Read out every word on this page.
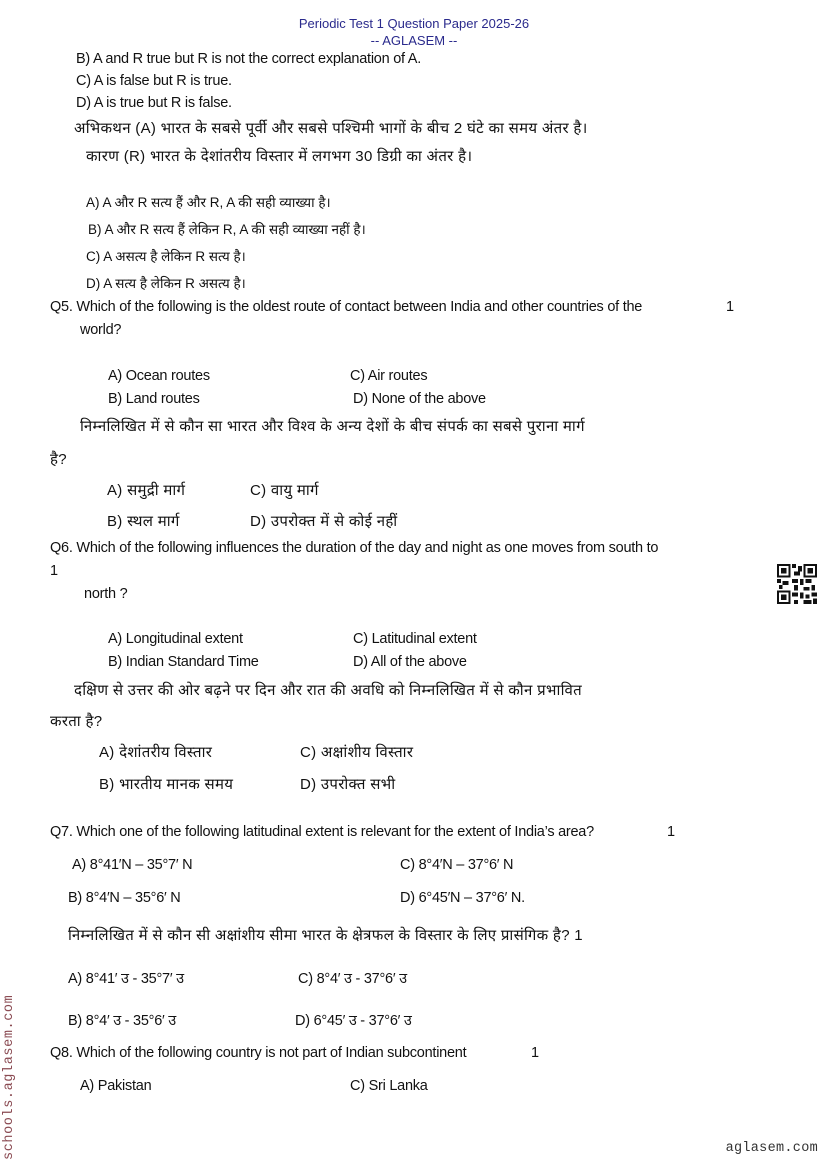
Periodic Test 1 Question Paper 2025-26
-- AGLASEM --
B) A and R true but R is not the correct explanation of A.
C) A is false but R is true.
D) A is true but R is false.
अभिकथन (A) भारत के सबसे पूर्वी और सबसे पश्चिमी भागों के बीच 2 घंटे का समय अंतर है।
कारण (R) भारत के देशांतरीय विस्तार में लगभग 30 डिग्री का अंतर है।
A) A और R सत्य हैं और R, A की सही व्याख्या है।
B) A और R सत्य हैं लेकिन R, A की सही व्याख्या नहीं है।
C) A असत्य है लेकिन R सत्य है।
D) A सत्य है लेकिन R असत्य है।
Q5. Which of the following is the oldest route of contact between India and other countries of the	1
world?
A) Ocean routes	C) Air routes
B) Land routes	D) None of the above
निम्नलिखित में से कौन सा भारत और विश्व के अन्य देशों के बीच संपर्क का सबसे पुराना मार्ग
है?
A) समुद्री मार्ग	C) वायु मार्ग
B) स्थल मार्ग	D) उपरोक्त में से कोई नहीं
Q6. Which of the following influences the duration of the day and night as one moves from south to
1
north ?
A) Longitudinal extent	C) Latitudinal extent
B) Indian Standard Time	D) All of the above
दक्षिण से उत्तर की ओर बढ़ने पर दिन और रात की अवधि को निम्नलिखित में से कौन प्रभावित
करता है?
A) देशांतरीय विस्तार	C) अक्षांशीय विस्तार
B) भारतीय मानक समय	D) उपरोक्त सभी
Q7. Which one of the following latitudinal extent is relevant for the extent of India’s area?	1
A) 8°41′N – 35°7′ N	C) 8°4′N – 37°6′ N
B) 8°4′N – 35°6′ N	D) 6°45′N – 37°6′ N.
निम्नलिखित में से कौन सी अक्षांशीय सीमा भारत के क्षेत्रफल के विस्तार के लिए प्रासंगिक है? 1
A) 8°41′ उ - 35°7′ उ	C) 8°4′ उ - 37°6′ उ
B) 8°4′ उ - 35°6′ उ	D) 6°45′ उ - 37°6′ उ
Q8. Which of the following country is not part of Indian subcontinent	1
A) Pakistan	C) Sri Lanka
schools.aglasem.com	aglasem.com
